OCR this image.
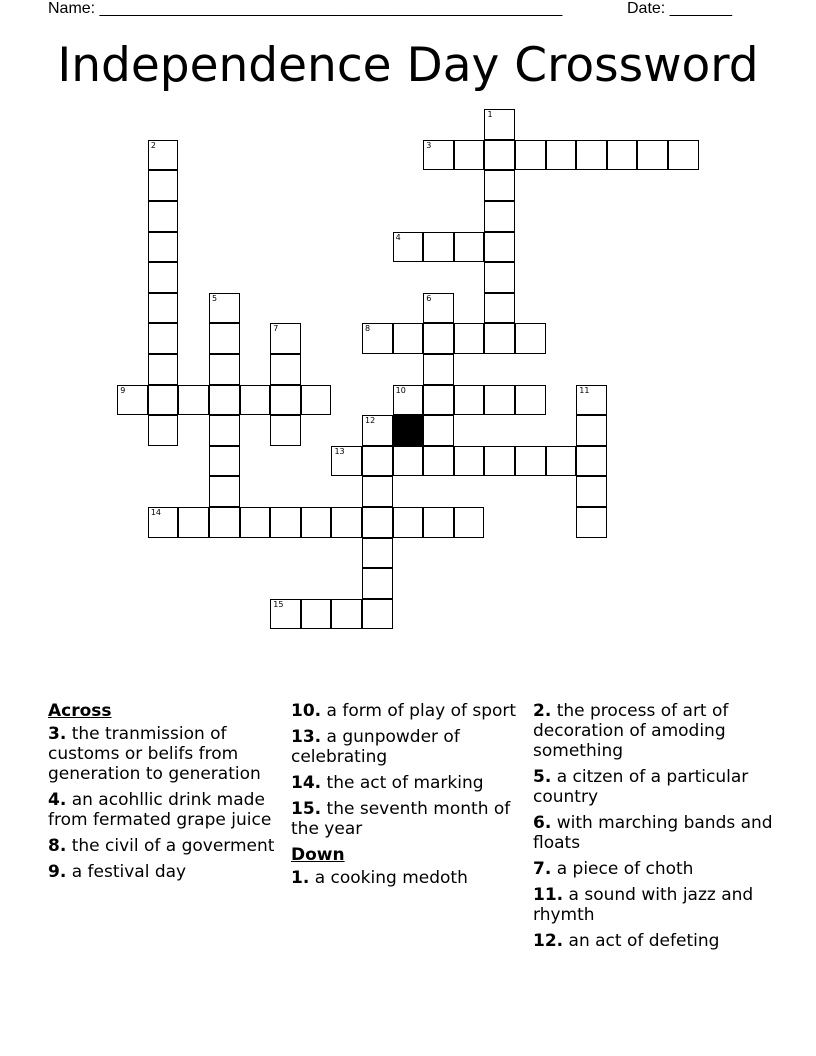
Name: ____________________________________________________	Date: _______
Independence Day Crossword
1
2	3
4
5	6
7	8
9	10	11
12
13
14
15
Across
3. the tranmission of customs or belifs from generation to generation
4. an acohllic drink made from fermated grape juice
8. the civil of a goverment
9. a festival day
10. a form of play of sport
13. a gunpowder of celebrating
14. the act of marking
15. the seventh month of the year
Down
1. a cooking medoth
2. the process of art of decoration of amoding something
5. a citzen of a particular country
6. with marching bands and floats
7. a piece of choth
11. a sound with jazz and rhymth
12. an act of defeting
